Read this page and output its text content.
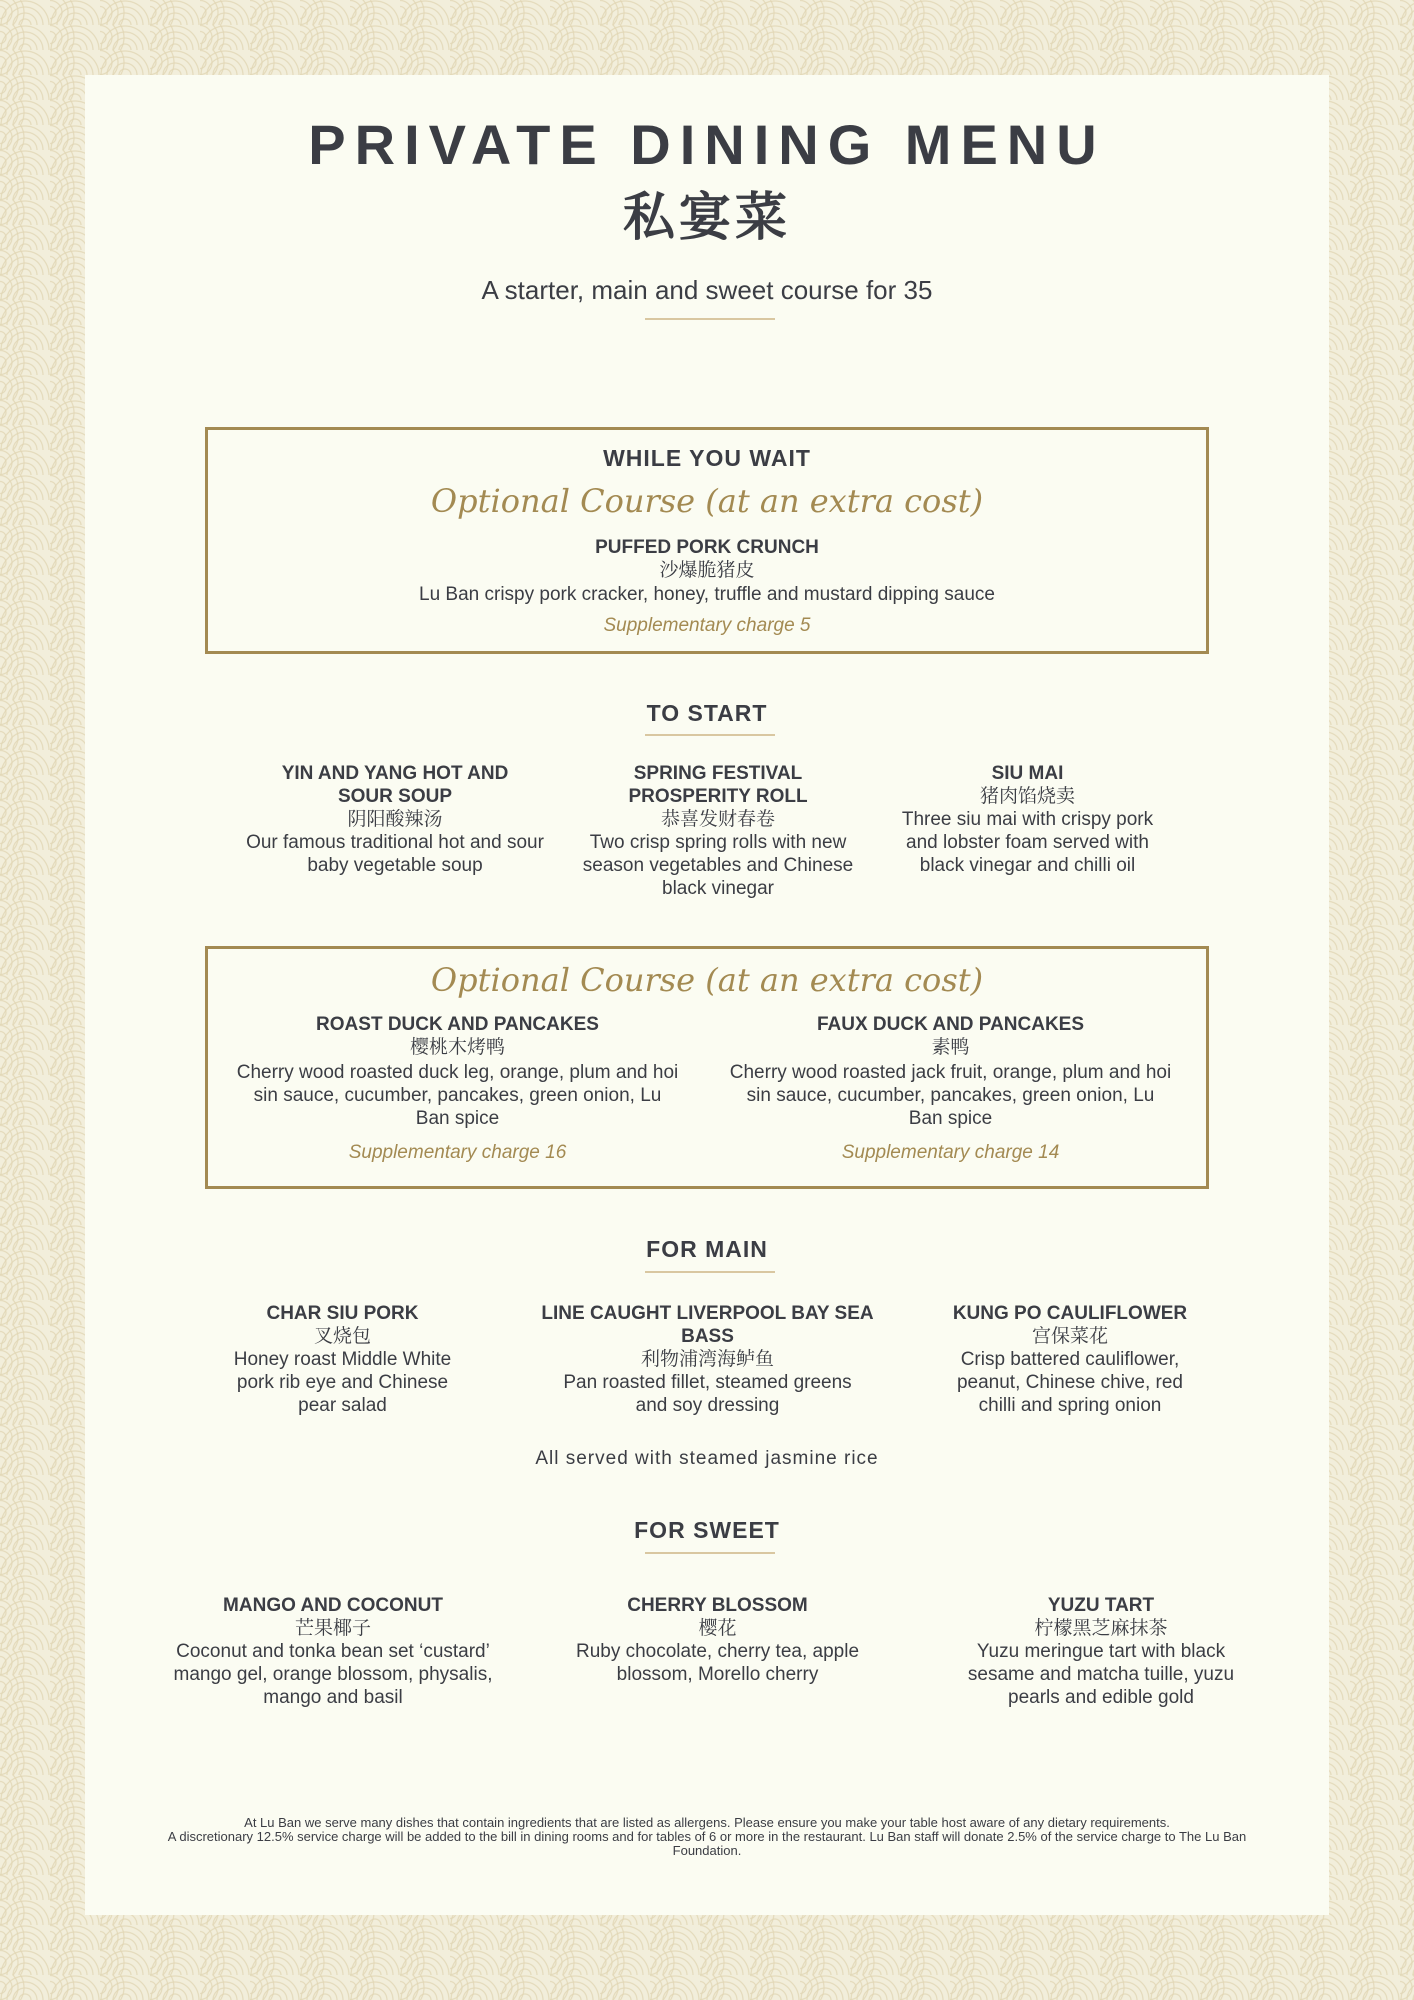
PRIVATE DINING MENU
私宴菜
A starter, main and sweet course for 35
WHILE YOU WAIT
Optional Course (at an extra cost)
PUFFED PORK CRUNCH
沙爆脆猪皮
Lu Ban crispy pork cracker, honey, truffle and mustard dipping sauce
Supplementary charge 5
TO START
YIN AND YANG HOT AND SOUR SOUP
阴阳酸辣汤
Our famous traditional hot and sour baby vegetable soup
SPRING FESTIVAL PROSPERITY ROLL
恭喜发财春卷
Two crisp spring rolls with new season vegetables and Chinese black vinegar
SIU MAI
猪肉馅烧卖
Three siu mai with crispy pork and lobster foam served with black vinegar and chilli oil
Optional Course (at an extra cost)
ROAST DUCK AND PANCAKES
樱桃木烤鸭
Cherry wood roasted duck leg, orange, plum and hoi sin sauce, cucumber, pancakes, green onion, Lu Ban spice
Supplementary charge 16
FAUX DUCK AND PANCAKES
素鸭
Cherry wood roasted jack fruit, orange, plum and hoi sin sauce, cucumber, pancakes, green onion, Lu Ban spice
Supplementary charge 14
FOR MAIN
CHAR SIU PORK
叉烧包
Honey roast Middle White pork rib eye and Chinese pear salad
LINE CAUGHT LIVERPOOL BAY SEA BASS
利物浦湾海鲈鱼
Pan roasted fillet, steamed greens and soy dressing
KUNG PO CAULIFLOWER
宫保菜花
Crisp battered cauliflower, peanut, Chinese chive, red chilli and spring onion
All served with steamed jasmine rice
FOR SWEET
MANGO AND COCONUT
芒果椰子
Coconut and tonka bean set ‘custard’ mango gel, orange blossom, physalis, mango and basil
CHERRY BLOSSOM
樱花
Ruby chocolate, cherry tea, apple blossom, Morello cherry
YUZU TART
柠檬黑芝麻抹茶
Yuzu meringue tart with black sesame and matcha tuille, yuzu pearls and edible gold
At Lu Ban we serve many dishes that contain ingredients that are listed as allergens. Please ensure you make your table host aware of any dietary requirements.
A discretionary 12.5% service charge will be added to the bill in dining rooms and for tables of 6 or more in the restaurant. Lu Ban staff will donate 2.5% of the service charge to The Lu Ban Foundation.
